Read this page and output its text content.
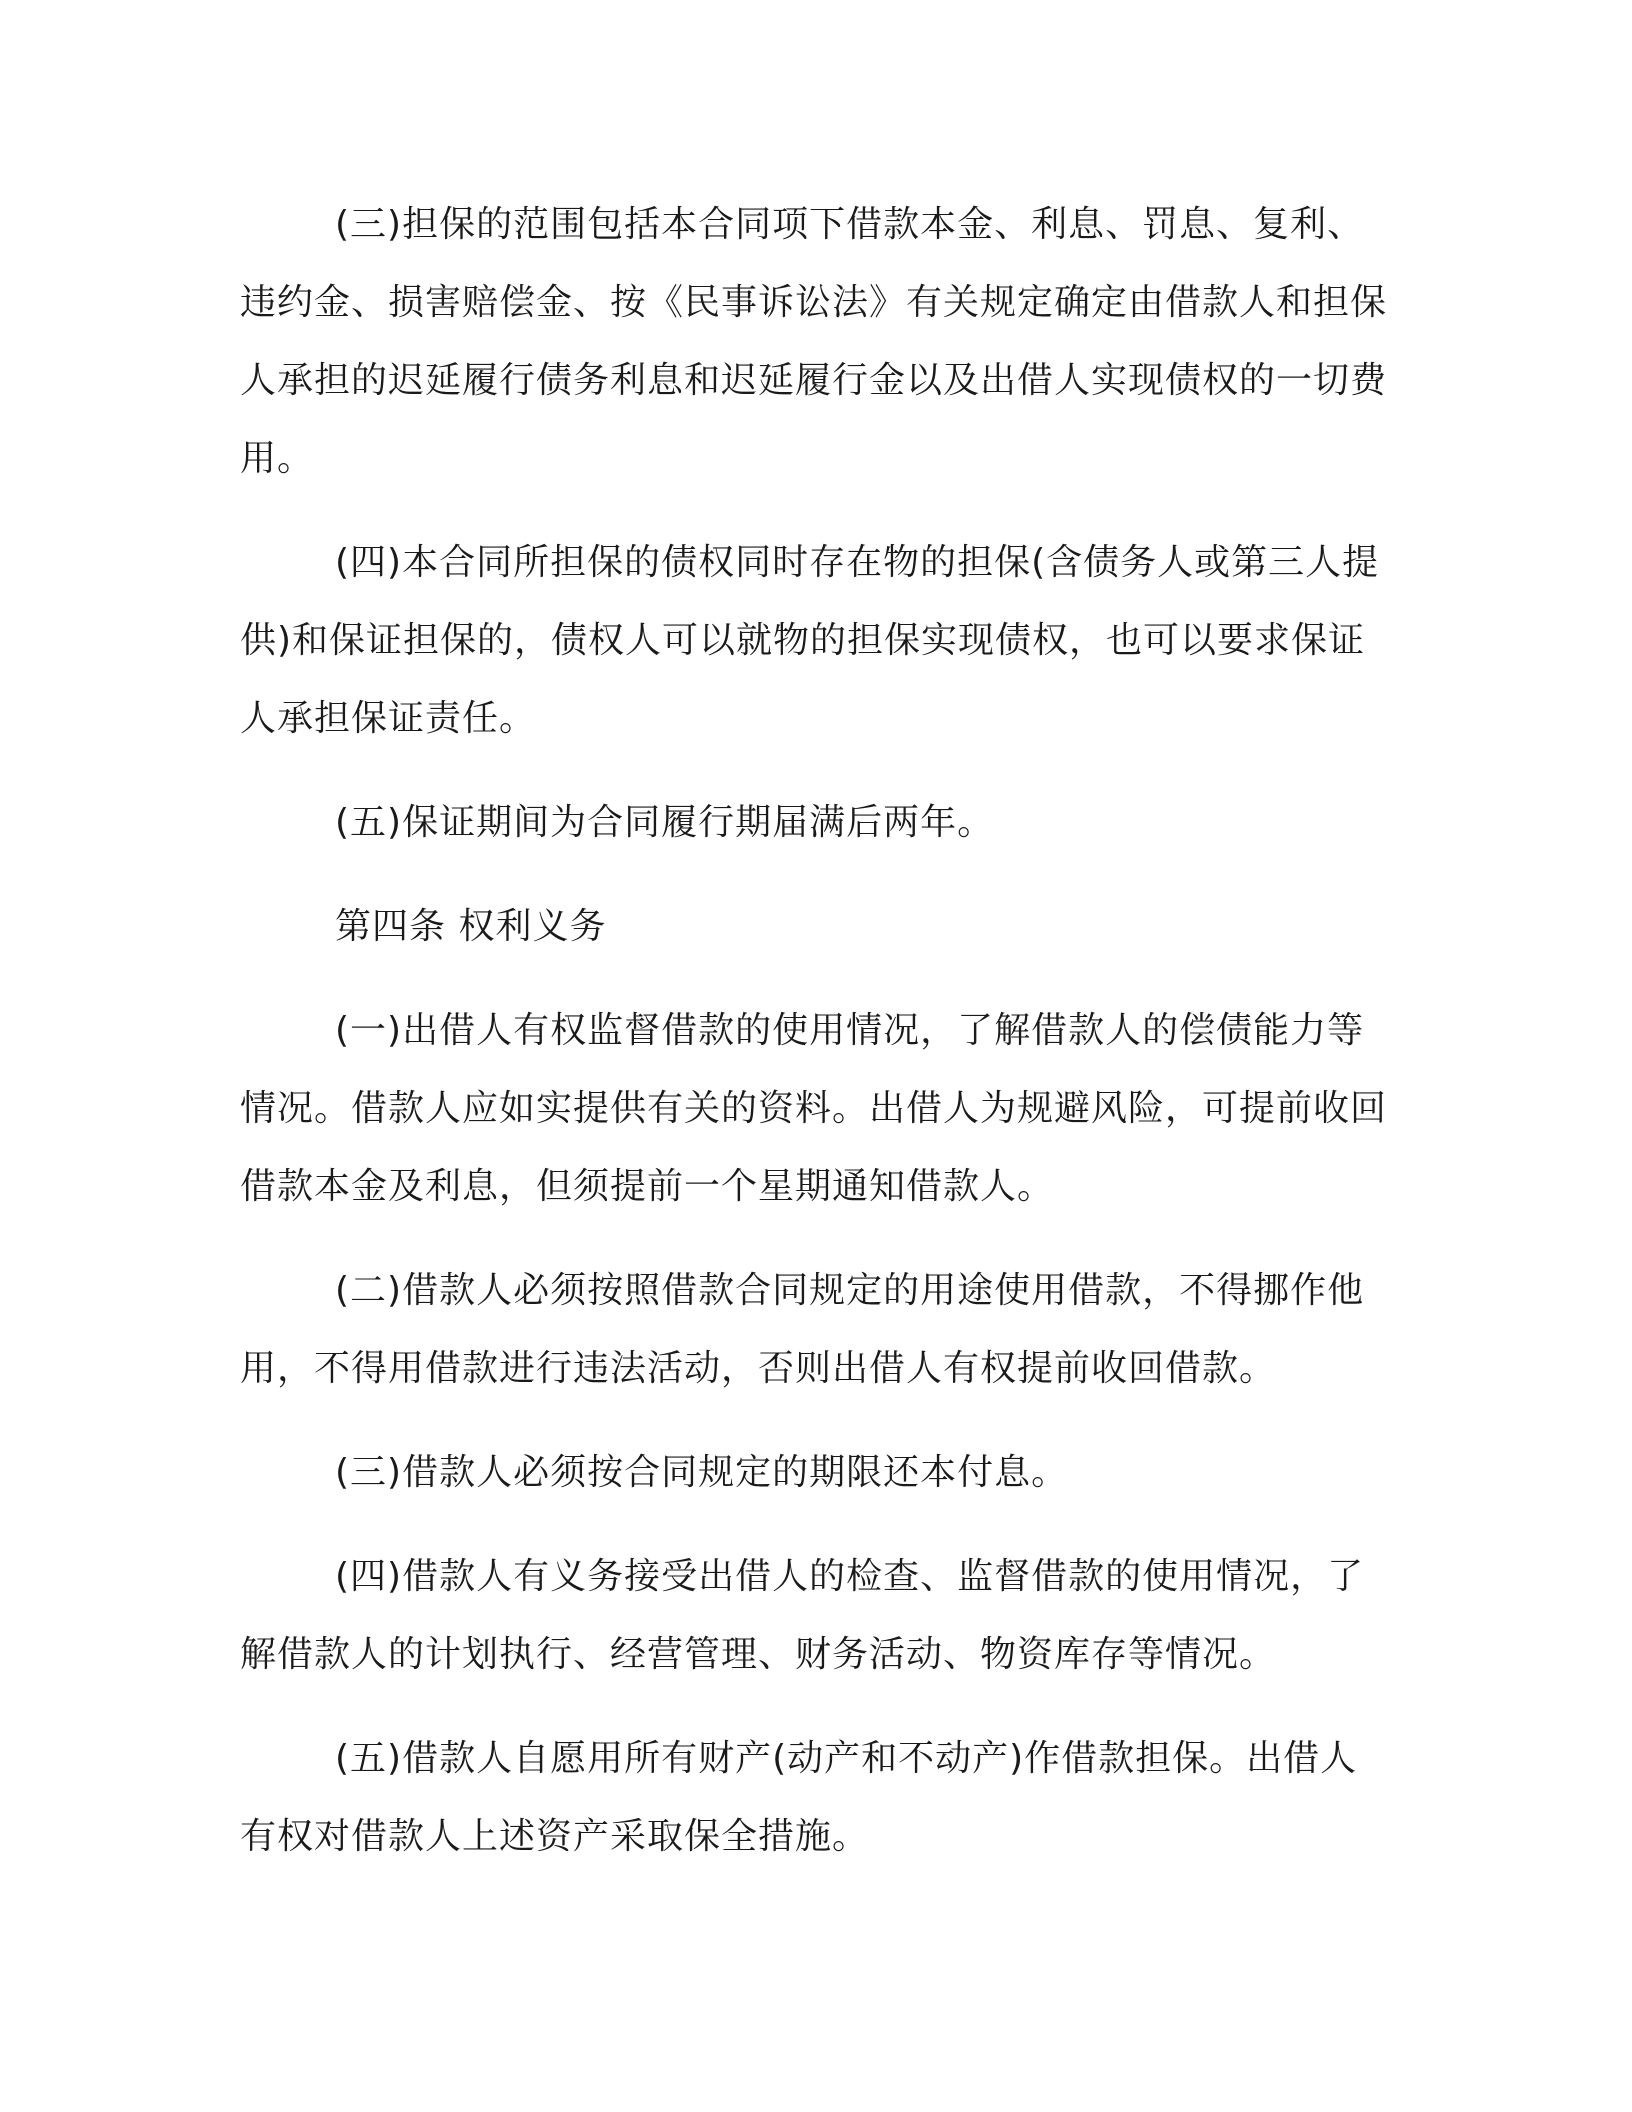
(三)担保的范围包括本合同项下借款本金、利息、罚息、复利、违约金、损害赔偿金、按《民事诉讼法》有关规定确定由借款人和担保人承担的迟延履行债务利息和迟延履行金以及出借人实现债权的一切费用。

(四)本合同所担保的债权同时存在物的担保(含债务人或第三人提供)和保证担保的，债权人可以就物的担保实现债权，也可以要求保证人承担保证责任。

(五)保证期间为合同履行期届满后两年。

第四条 权利义务

(一)出借人有权监督借款的使用情况，了解借款人的偿债能力等情况。借款人应如实提供有关的资料。出借人为规避风险，可提前收回借款本金及利息，但须提前一个星期通知借款人。

(二)借款人必须按照借款合同规定的用途使用借款，不得挪作他用，不得用借款进行违法活动，否则出借人有权提前收回借款。

(三)借款人必须按合同规定的期限还本付息。

(四)借款人有义务接受出借人的检查、监督借款的使用情况，了解借款人的计划执行、经营管理、财务活动、物资库存等情况。

(五)借款人自愿用所有财产(动产和不动产)作借款担保。出借人有权对借款人上述资产采取保全措施。
